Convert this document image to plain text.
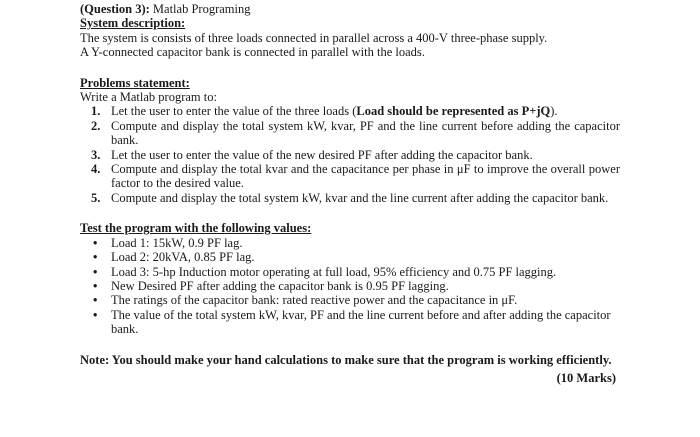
(Question 3): Matlab Programing
System description:
The system is consists of three loads connected in parallel across a 400-V three-phase supply.
A Y-connected capacitor bank is connected in parallel with the loads.
Problems statement:
Write a Matlab program to:
1. Let the user to enter the value of the three loads (Load should be represented as P+jQ).
2. Compute and display the total system kW, kvar, PF and the line current before adding the capacitor bank.
3. Let the user to enter the value of the new desired PF after adding the capacitor bank.
4. Compute and display the total kvar and the capacitance per phase in μF to improve the overall power factor to the desired value.
5. Compute and display the total system kW, kvar and the line current after adding the capacitor bank.
Test the program with the following values:
• Load 1: 15kW, 0.9 PF lag.
• Load 2: 20kVA, 0.85 PF lag.
• Load 3: 5-hp Induction motor operating at full load, 95% efficiency and 0.75 PF lagging.
• New Desired PF after adding the capacitor bank is 0.95 PF lagging.
• The ratings of the capacitor bank: rated reactive power and the capacitance in μF.
• The value of the total system kW, kvar, PF and the line current before and after adding the capacitor bank.
Note: You should make your hand calculations to make sure that the program is working efficiently.
(10 Marks)
